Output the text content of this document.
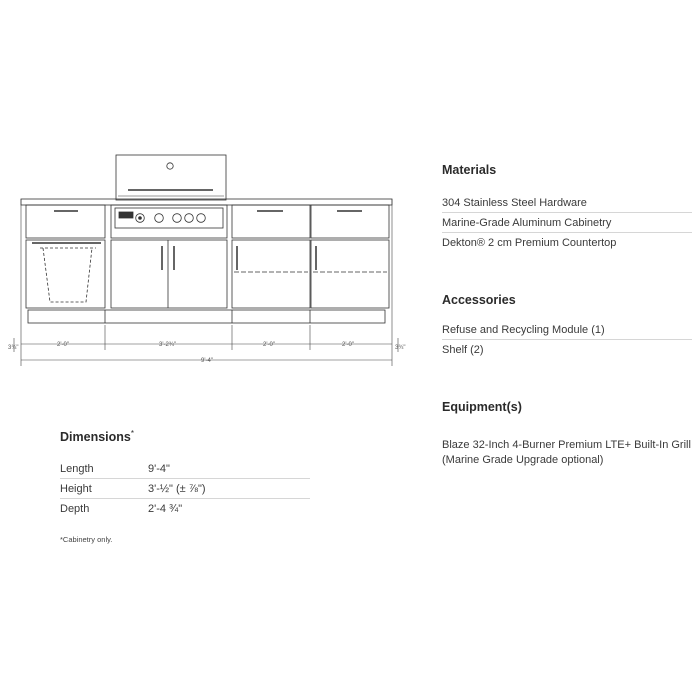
3¾"	3¾"
2'-0"	3'-2¾"	2'-0"	2'-0"
9'-4"
Materials
304 Stainless Steel Hardware
Marine-Grade Aluminum Cabinetry
Dekton® 2 cm Premium Countertop
Accessories
Refuse and Recycling Module (1)
Shelf (2)
Equipment(s)
Blaze 32-Inch 4-Burner Premium LTE+ Built-In Grill (Marine Grade Upgrade optional)
Dimensions*
Length	9'-4"
Height	3'-½" (± ⅞")
Depth	2'-4 ¾"
*Cabinetry only.
